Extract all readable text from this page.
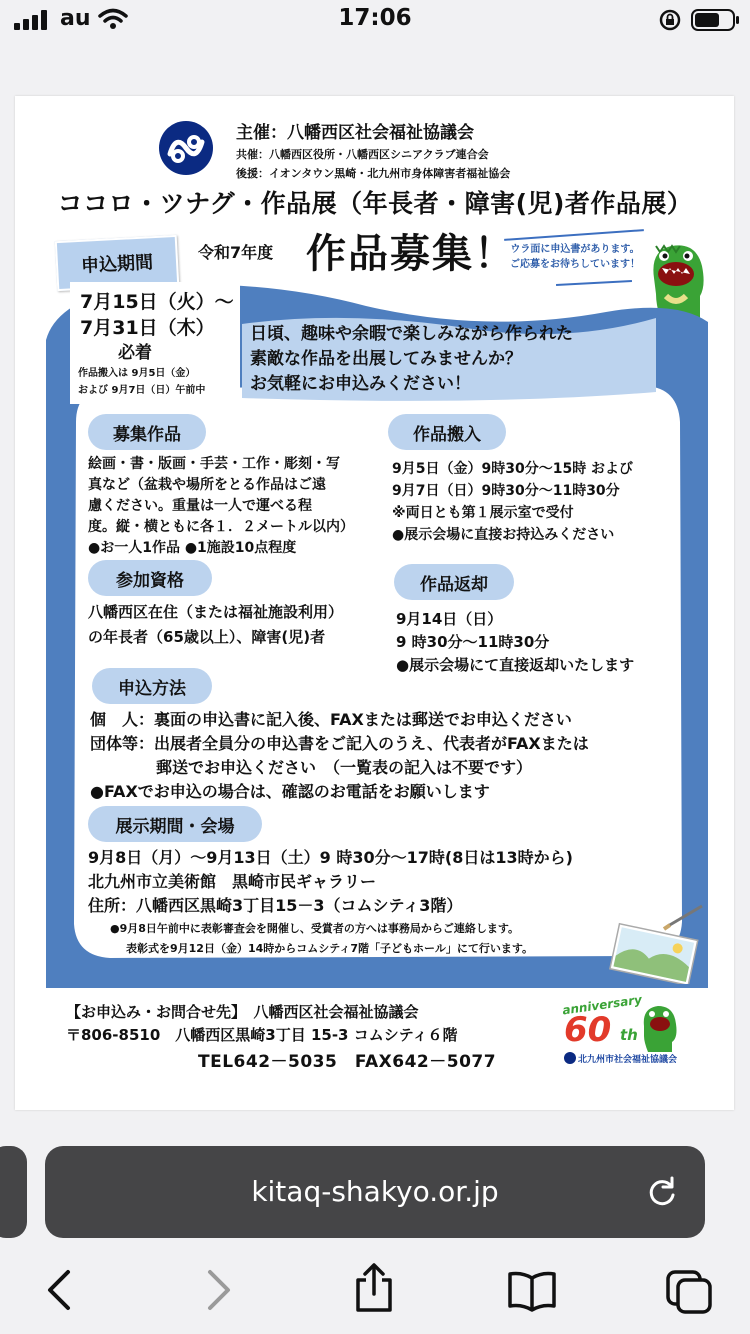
au	17:06
主催：八幡西区社会福祉協議会
共催：八幡西区役所・八幡西区シニアクラブ連合会
後援：イオンタウン黒崎・北九州市身体障害者福祉協会
ココロ・ツナグ・作品展（年長者・障害(児)者作品展）
申込期間	令和7年度 作品募集！
ウラ面に申込書があります。
ご応募をお待ちしています！
7月15日（火）～
7月31日（木）
必着
作品搬入は 9月5日（金）
および 9月7日（日）午前中
日頃、趣味や余暇で楽しみながら作られた
素敵な作品を出展してみませんか？
お気軽にお申込みください！
募集作品
絵画・書・版画・手芸・工作・彫刻・写
真など（盆栽や場所をとる作品はご遠
慮ください。重量は一人で運べる程
度。縦・横ともに各１．２メートル以内）
●お一人1作品 ●1施設10点程度
作品搬入
9月5日（金）9時30分～15時 および
9月7日（日）9時30分～11時30分
※両日とも第１展示室で受付
●展示会場に直接お持込みください
参加資格
八幡西区在住（または福祉施設利用）
の年長者（65歳以上）、障害(児)者
作品返却
9月14日（日）
9 時30分～11時30分
●展示会場にて直接返却いたします
申込方法
個　人：裏面の申込書に記入後、FAXまたは郵送でお申込ください
団体等：出展者全員分の申込書をご記入のうえ、代表者がFAXまたは
郵送でお申込ください　（一覧表の記入は不要です）
●FAXでお申込の場合は、確認のお電話をお願いします
展示期間・会場
9月8日（月）～9月13日（土）9 時30分～17時(8日は13時から)
北九州市立美術館　黒崎市民ギャラリー
住所：八幡西区黒崎3丁目15－3（コムシティ3階）
●9月8日午前中に表彰審査会を開催し、受賞者の方へは事務局からご連絡します。
表彰式を9月12日（金）14時からコムシティ7階「子どもホール」にて行います。
【お申込み・お問合せ先】　八幡西区社会福祉協議会
〒806-8510　八幡西区黒崎3丁目 15-3 コムシティ６階
TEL642－5035　FAX642－5077
anniversary
60 th
北九州市社会福祉協議会
kitaq-shakyo.or.jp
